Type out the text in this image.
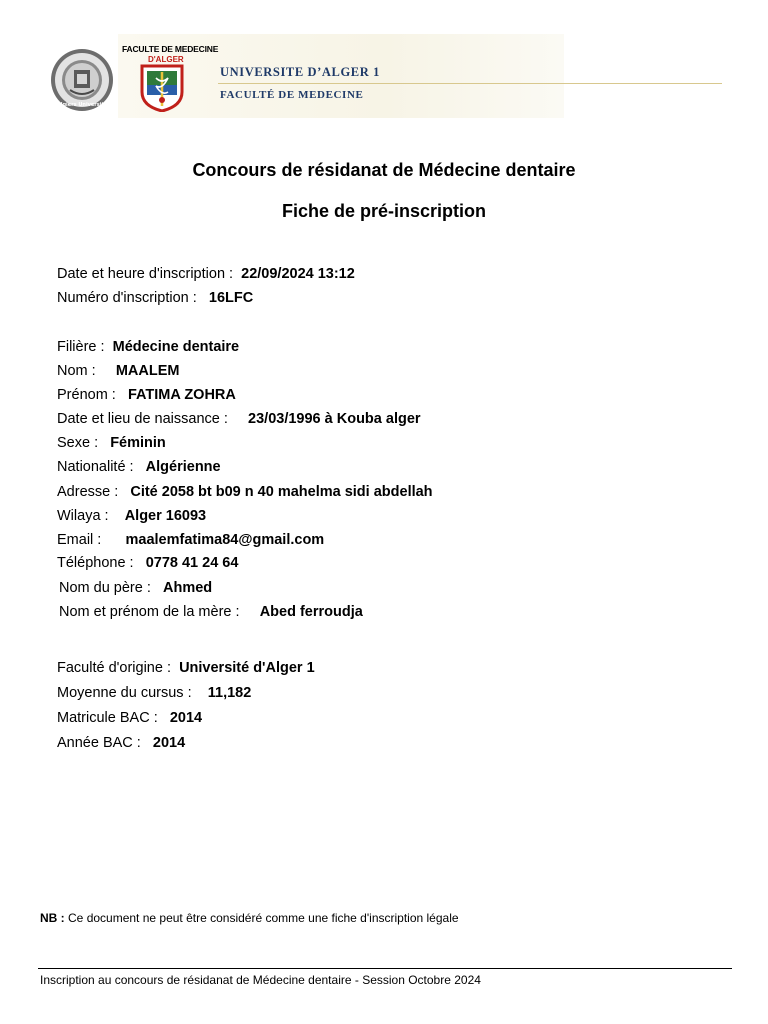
Algiers University
FACULTE DE MEDECINE
D'ALGER
UNIVERSITE D’ALGER 1
FACULTÉ DE MEDECINE
Concours de résidanat de Médecine dentaire
Fiche de pré-inscription
Date et heure d'inscription : 22/09/2024 13:12
Numéro d'inscription : 16LFC
Filière : Médecine dentaire
Nom : MAALEM
Prénom : FATIMA ZOHRA
Date et lieu de naissance : 23/03/1996 à Kouba alger
Sexe : Féminin
Nationalité : Algérienne
Adresse : Cité 2058 bt b09 n 40 mahelma sidi abdellah
Wilaya : Alger 16093
Email : maalemfatima84@gmail.com
Téléphone : 0778 41 24 64
Nom du père : Ahmed
Nom et prénom de la mère : Abed ferroudja
Faculté d'origine : Université d'Alger 1
Moyenne du cursus : 11,182
Matricule BAC : 2014
Année BAC : 2014
NB : Ce document ne peut être considéré comme une fiche d'inscription légale
Inscription au concours de résidanat de Médecine dentaire - Session Octobre 2024
